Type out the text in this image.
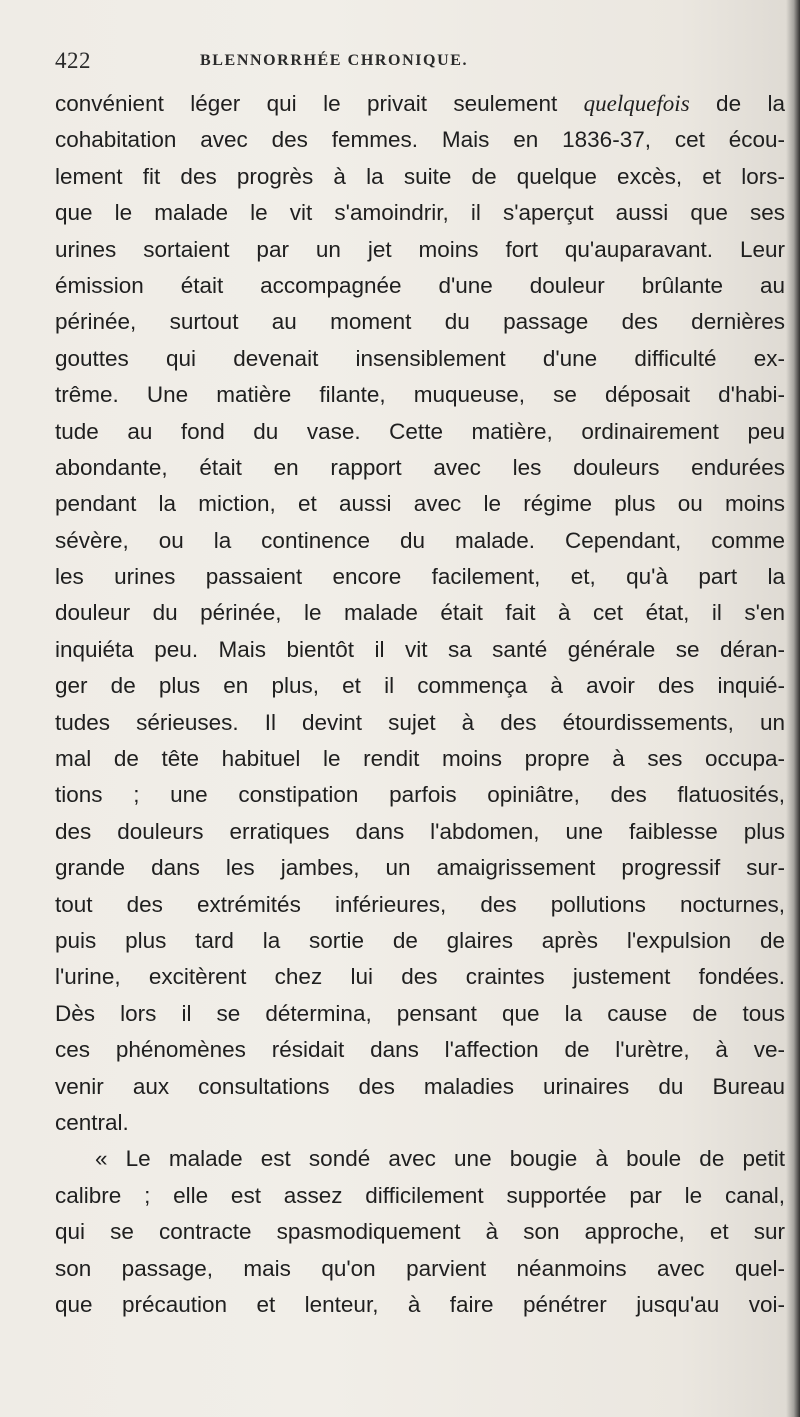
422	BLENNORRHÉE CHRONIQUE.
convénient léger qui le privait seulement quelquefois de la
cohabitation avec des femmes. Mais en 1836-37, cet écou-
lement fit des progrès à la suite de quelque excès, et lors-
que le malade le vit s'amoindrir, il s'aperçut aussi que ses
urines sortaient par un jet moins fort qu'auparavant. Leur
émission était accompagnée d'une douleur brûlante au
périnée, surtout au moment du passage des dernières
gouttes qui devenait insensiblement d'une difficulté ex-
trême. Une matière filante, muqueuse, se déposait d'habi-
tude au fond du vase. Cette matière, ordinairement peu
abondante, était en rapport avec les douleurs endurées
pendant la miction, et aussi avec le régime plus ou moins
sévère, ou la continence du malade. Cependant, comme
les urines passaient encore facilement, et, qu'à part la
douleur du périnée, le malade était fait à cet état, il s'en
inquiéta peu. Mais bientôt il vit sa santé générale se déran-
ger de plus en plus, et il commença à avoir des inquié-
tudes sérieuses. Il devint sujet à des étourdissements, un
mal de tête habituel le rendit moins propre à ses occupa-
tions ; une constipation parfois opiniâtre, des flatuosités,
des douleurs erratiques dans l'abdomen, une faiblesse plus
grande dans les jambes, un amaigrissement progressif sur-
tout des extrémités inférieures, des pollutions nocturnes,
puis plus tard la sortie de glaires après l'expulsion de
l'urine, excitèrent chez lui des craintes justement fondées.
Dès lors il se détermina, pensant que la cause de tous
ces phénomènes résidait dans l'affection de l'urètre, à ve-
venir aux consultations des maladies urinaires du Bureau
central.
« Le malade est sondé avec une bougie à boule de petit
calibre ; elle est assez difficilement supportée par le canal,
qui se contracte spasmodiquement à son approche, et sur
son passage, mais qu'on parvient néanmoins avec quel-
que précaution et lenteur, à faire pénétrer jusqu'au voi-
